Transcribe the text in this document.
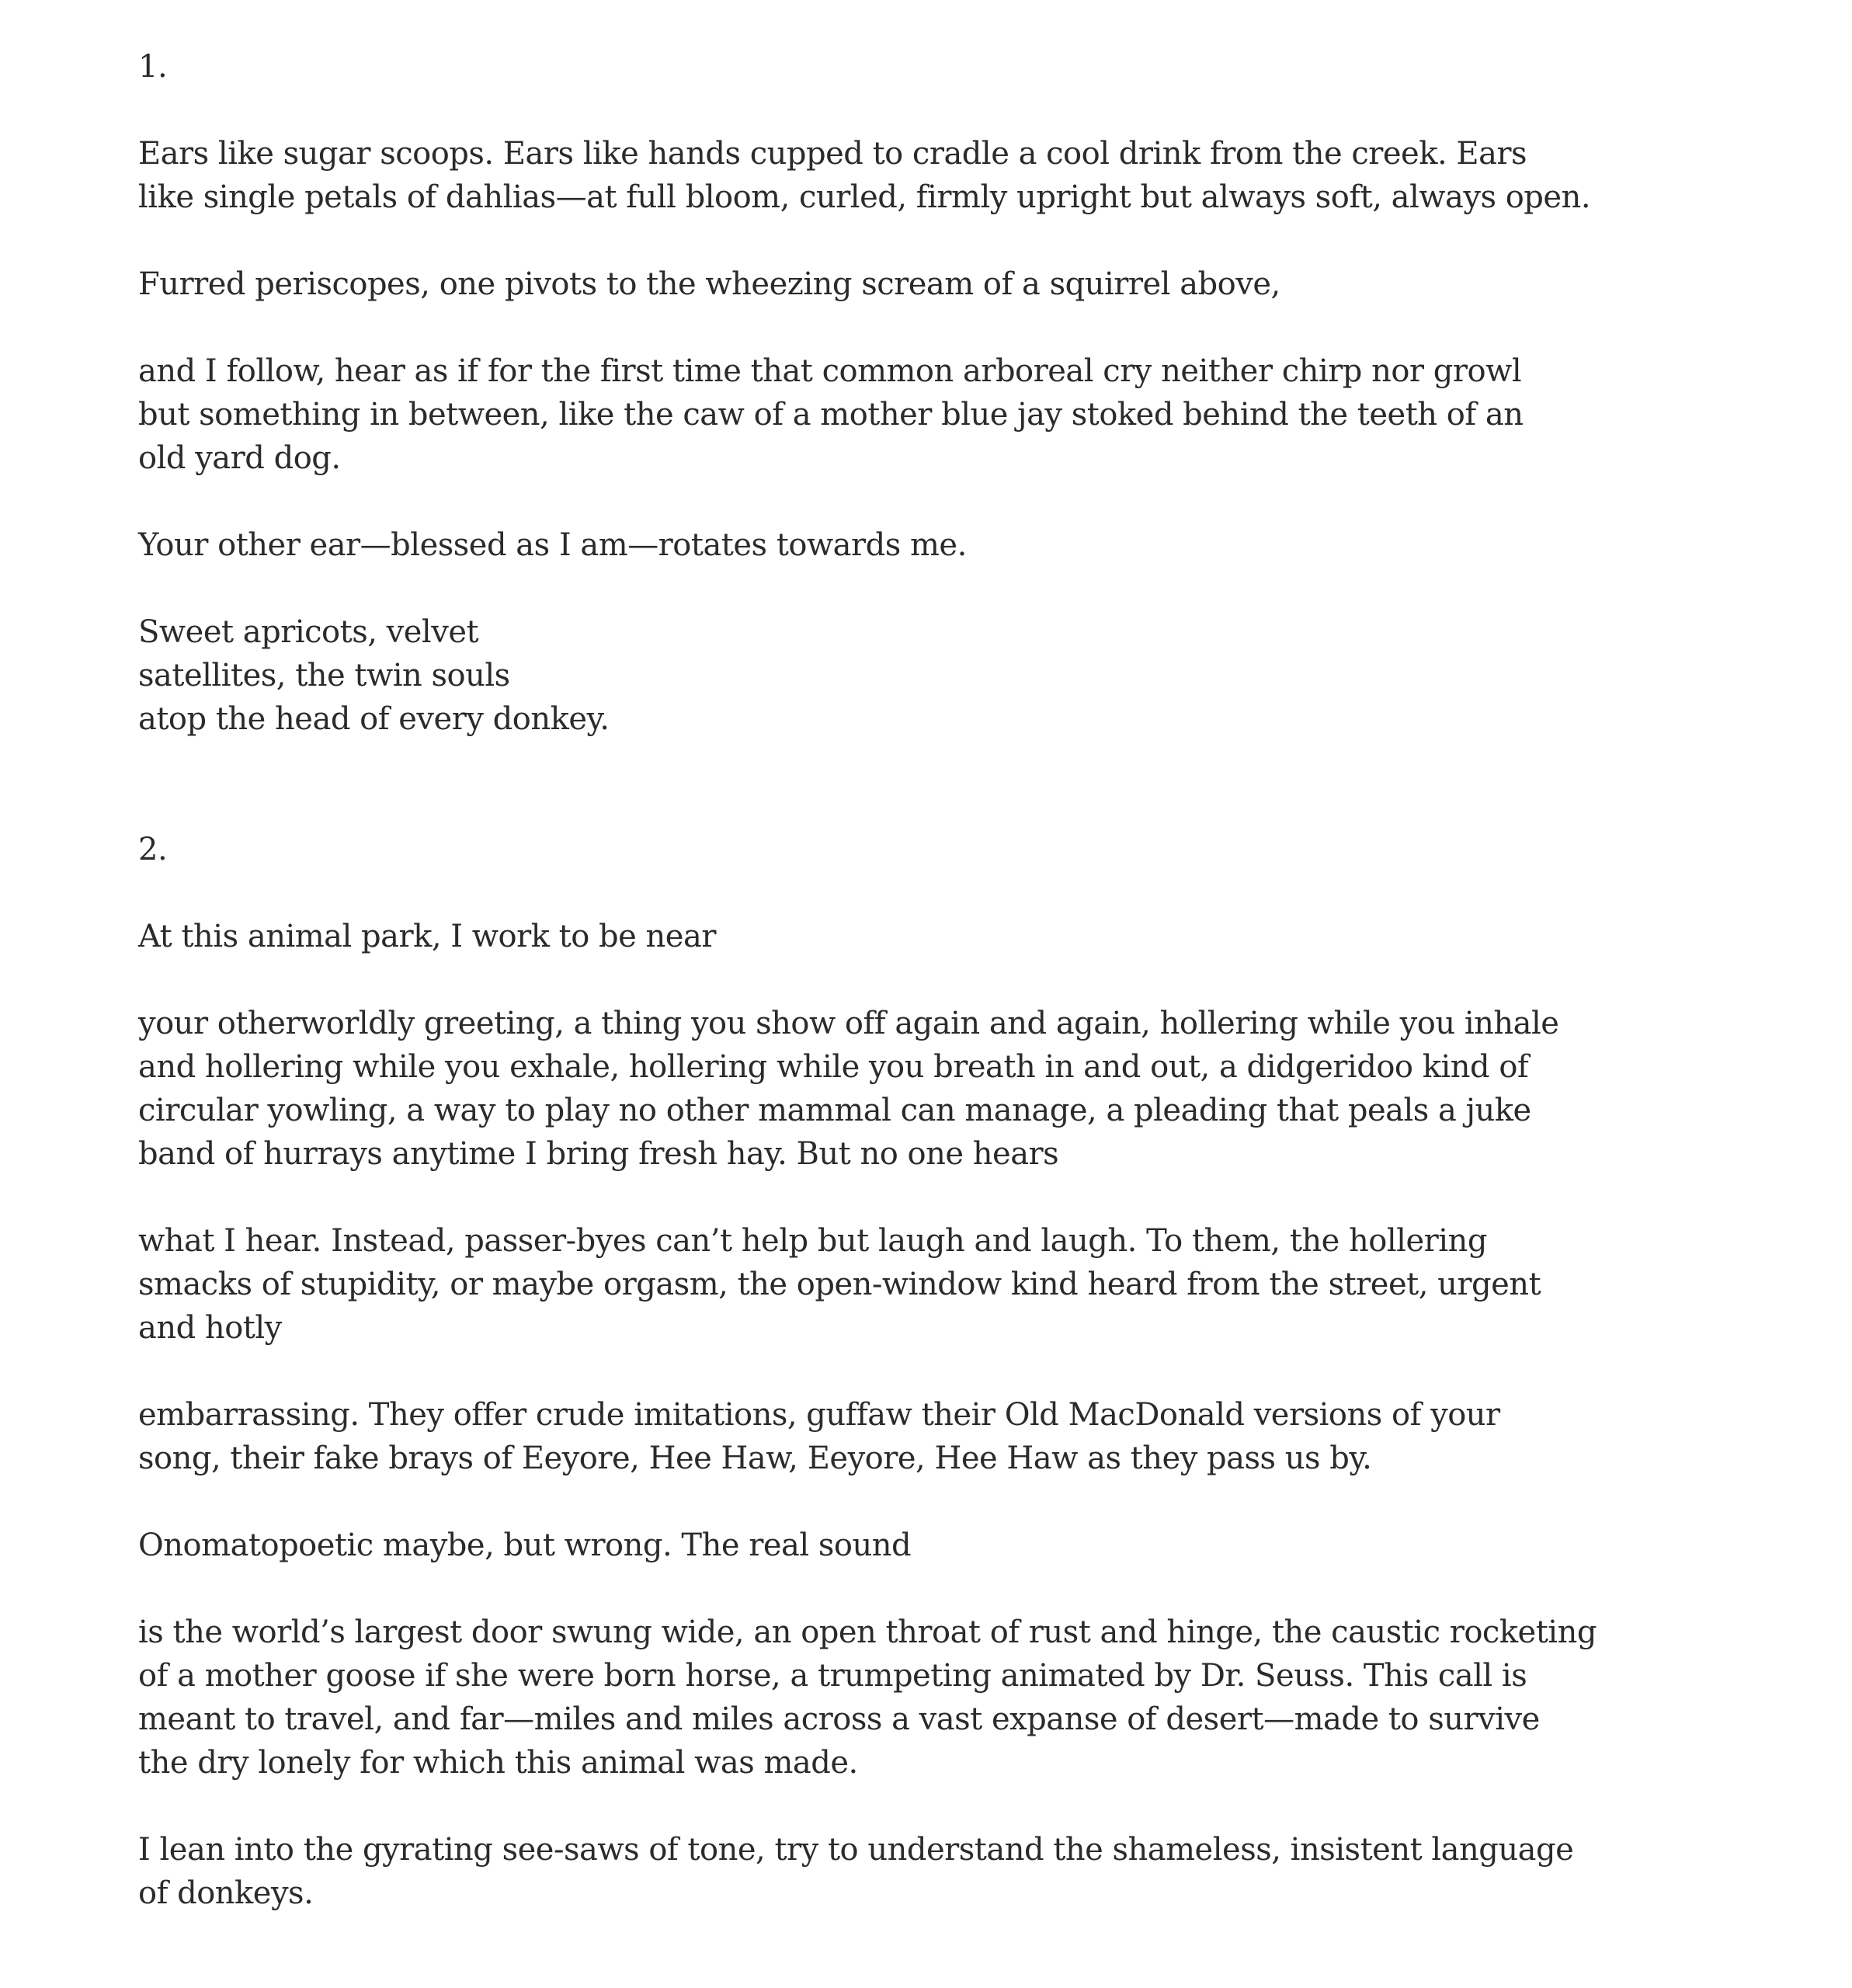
1.
Ears like sugar scoops. Ears like hands cupped to cradle a cool drink from the creek. Ears
like single petals of dahlias—at full bloom, curled, firmly upright but always soft, always open.
Furred periscopes, one pivots to the wheezing scream of a squirrel above,
and I follow, hear as if for the first time that common arboreal cry neither chirp nor growl
but something in between, like the caw of a mother blue jay stoked behind the teeth of an
old yard dog.
Your other ear—blessed as I am—rotates towards me.
Sweet apricots, velvet
satellites, the twin souls
atop the head of every donkey.
2.
At this animal park, I work to be near
your otherworldly greeting, a thing you show off again and again, hollering while you inhale
and hollering while you exhale, hollering while you breath in and out, a didgeridoo kind of
circular yowling, a way to play no other mammal can manage, a pleading that peals a juke
band of hurrays anytime I bring fresh hay. But no one hears
what I hear. Instead, passer-byes can’t help but laugh and laugh. To them, the hollering
smacks of stupidity, or maybe orgasm, the open-window kind heard from the street, urgent
and hotly
embarrassing. They offer crude imitations, guffaw their Old MacDonald versions of your
song, their fake brays of Eeyore, Hee Haw, Eeyore, Hee Haw as they pass us by.
Onomatopoetic maybe, but wrong. The real sound
is the world’s largest door swung wide, an open throat of rust and hinge, the caustic rocketing
of a mother goose if she were born horse, a trumpeting animated by Dr. Seuss. This call is
meant to travel, and far—miles and miles across a vast expanse of desert—made to survive
the dry lonely for which this animal was made.
I lean into the gyrating see-saws of tone, try to understand the shameless, insistent language
of donkeys.
